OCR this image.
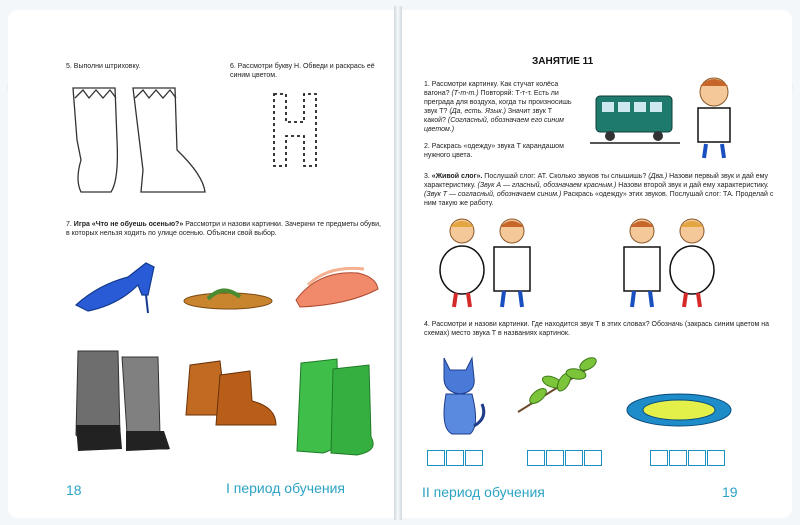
5. Выполни штриховку.	6. Рассмотри букву Н. Обведи и раскрась её синим цветом.
7. Игра «Что не обуешь осенью?» Рассмотри и назови картинки. Зачеркни те предметы обуви, в которых нельзя ходить по улице осенью. Объясни свой выбор.
18	I период обучения
ЗАНЯТИЕ 11
1. Рассмотри картинку. Как стучат колёса вагона? (Т-т-т.) Повторяй: Т-т-т. Есть ли преграда для воздуха, когда ты произносишь звук Т? (Да, есть. Язык.) Значит звук Т какой? (Согласный, обозначаем его синим цветом.)
2. Раскрась «одежду» звука Т карандашом нужного цвета.
3. «Живой слог». Послушай слог: АТ. Сколько звуков ты слышишь? (Два.) Назови первый звук и дай ему характеристику. (Звук А — гласный, обозначаем красным.) Назови второй звук и дай ему характеристику. (Звук Т — согласный, обозначаем синим.) Раскрась «одежду» этих звуков. Послушай слог: ТА. Проделай с ним такую же работу.
4. Рассмотри и назови картинки. Где находится звук Т в этих словах? Обозначь (закрась синим цветом на схемах) место звука Т в названиях картинок.
II период обучения	19
